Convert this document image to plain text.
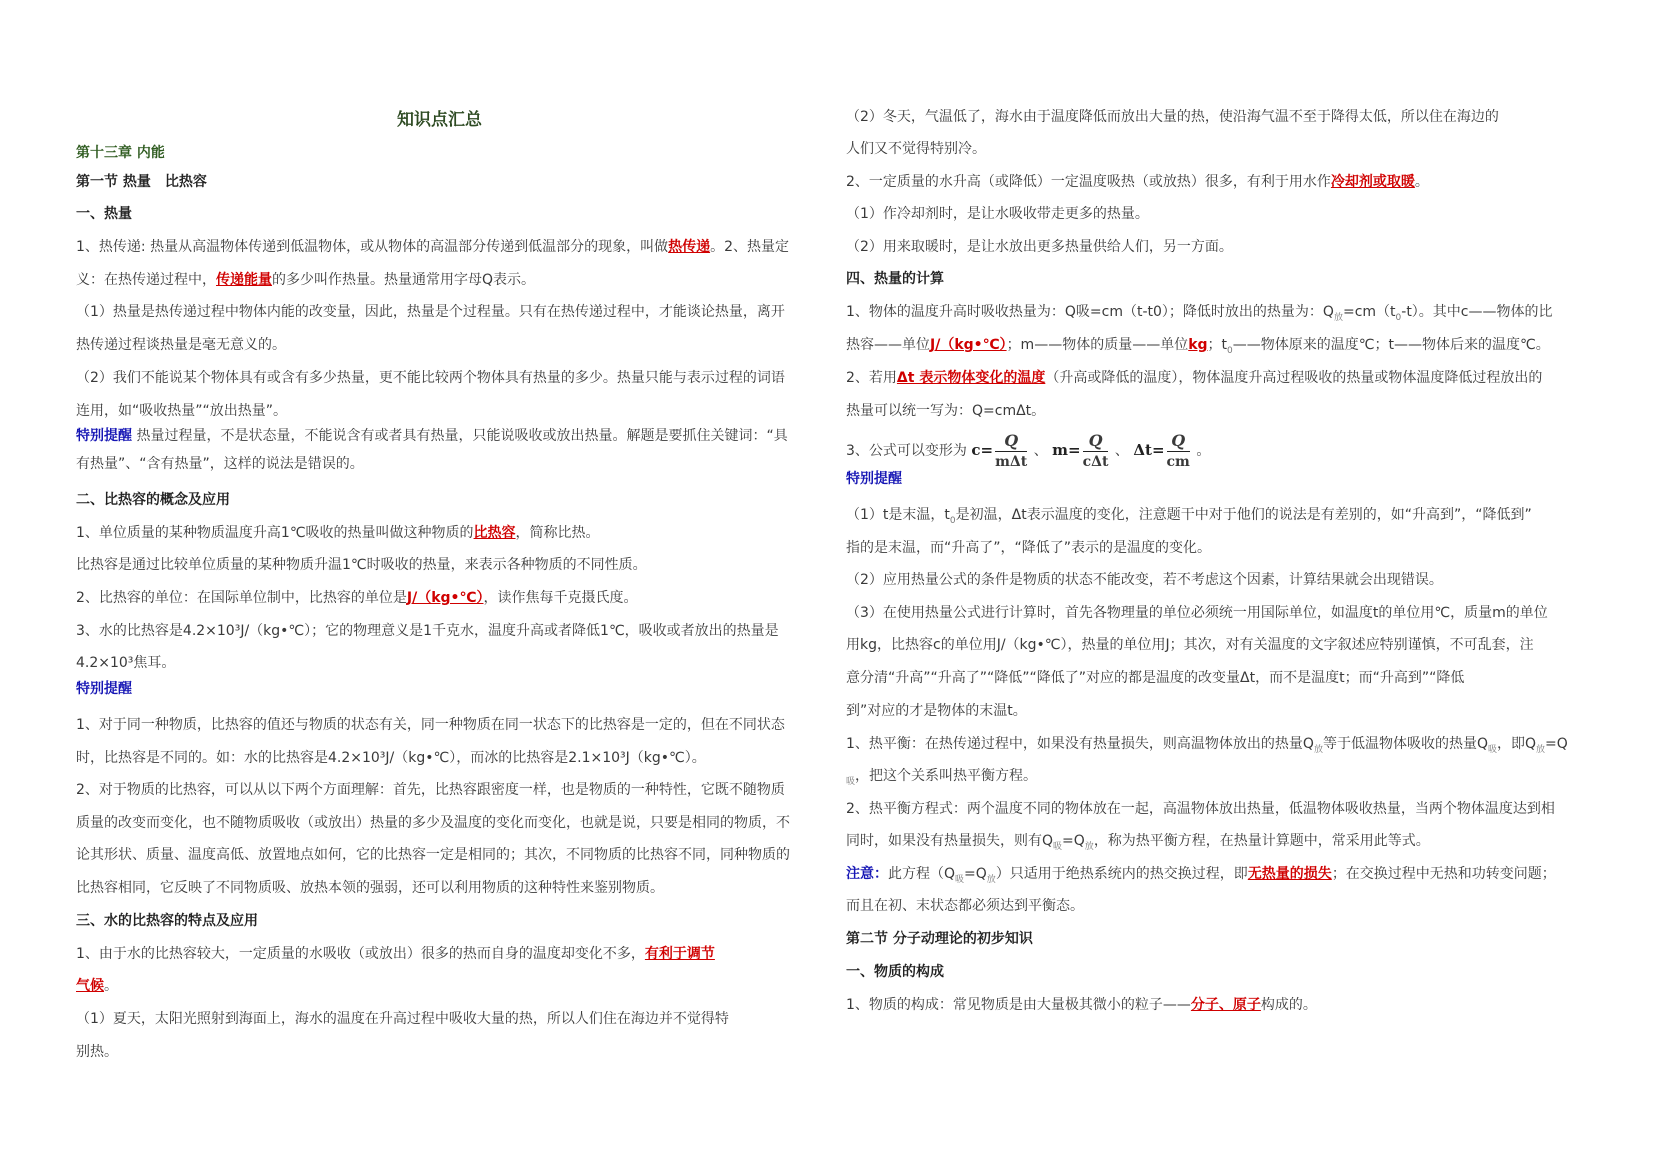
知识点汇总
第十三章 内能
第一节 热量　比热容
一、热量
1、热传递: 热量从高温物体传递到低温物体，或从物体的高温部分传递到低温部分的现象，叫做热传递。2、热量定
义：在热传递过程中，传递能量的多少叫作热量。热量通常用字母Q表示。
（1）热量是热传递过程中物体内能的改变量，因此，热量是个过程量。只有在热传递过程中，才能谈论热量，离开
热传递过程谈热量是毫无意义的。
（2）我们不能说某个物体具有或含有多少热量，更不能比较两个物体具有热量的多少。热量只能与表示过程的词语
连用，如“吸收热量”“放出热量”。
特别提醒 热量过程量，不是状态量，不能说含有或者具有热量，只能说吸收或放出热量。解题是要抓住关键词：“具
有热量”、“含有热量”，这样的说法是错误的。
二、比热容的概念及应用
1、单位质量的某种物质温度升高1℃吸收的热量叫做这种物质的比热容，简称比热。
比热容是通过比较单位质量的某种物质升温1℃时吸收的热量，来表示各种物质的不同性质。
2、比热容的单位：在国际单位制中，比热容的单位是J/（kg•℃），读作焦每千克摄氏度。
3、水的比热容是4.2×10³J/（kg•℃）；它的物理意义是1千克水，温度升高或者降低1℃，吸收或者放出的热量是
4.2×10³焦耳。
特别提醒
1、对于同一种物质，比热容的值还与物质的状态有关，同一种物质在同一状态下的比热容是一定的，但在不同状态
时，比热容是不同的。如：水的比热容是4.2×10³J/（kg•℃），而冰的比热容是2.1×10³J（kg•℃）。
2、对于物质的比热容，可以从以下两个方面理解：首先，比热容跟密度一样，也是物质的一种特性，它既不随物质
质量的改变而变化，也不随物质吸收（或放出）热量的多少及温度的变化而变化，也就是说，只要是相同的物质，不
论其形状、质量、温度高低、放置地点如何，它的比热容一定是相同的；其次，不同物质的比热容不同，同种物质的
比热容相同，它反映了不同物质吸、放热本领的强弱，还可以利用物质的这种特性来鉴别物质。
三、水的比热容的特点及应用
1、由于水的比热容较大，一定质量的水吸收（或放出）很多的热而自身的温度却变化不多，有利于调节
气候。
（1）夏天，太阳光照射到海面上，海水的温度在升高过程中吸收大量的热，所以人们住在海边并不觉得特
别热。
（2）冬天，气温低了，海水由于温度降低而放出大量的热，使沿海气温不至于降得太低，所以住在海边的
人们又不觉得特别冷。
2、一定质量的水升高（或降低）一定温度吸热（或放热）很多，有利于用水作冷却剂或取暖。
（1）作冷却剂时，是让水吸收带走更多的热量。
（2）用来取暖时，是让水放出更多热量供给人们，另一方面。
四、热量的计算
1、物体的温度升高时吸收热量为：Q吸=cm（t-t0）；降低时放出的热量为：$Q_放=cm(t_0-t)$。其中c——物体的比
热容——单位J/（kg•℃）；m——物体的质量——单位kg；$t_0——$物体原来的温度℃；t——物体后来的温度℃。
2、若用Δt 表示物体变化的温度（升高或降低的温度），物体温度升高过程吸收的热量或物体温度降低过程放出的
热量可以统一写为：Q=cmΔt。
3、公式可以变形为 $c= \frac{Q}{\text{mΔt}}$ 、 $m= \frac{Q}{\text{cΔt}}$ 、 $\Delta t= \frac{Q}{cm}$ 。
特别提醒
（1）t是末温，$t_0$是初温，Δt表示温度的变化，注意题干中对于他们的说法是有差别的，如“升高到”，“降低到”
指的是末温，而“升高了”，“降低了”表示的是温度的变化。
（2）应用热量公式的条件是物质的状态不能改变，若不考虑这个因素，计算结果就会出现错误。
（3）在使用热量公式进行计算时，首先各物理量的单位必须统一用国际单位，如温度t的单位用℃，质量m的单位
用kg，比热容c的单位用J/（kg•℃），热量的单位用J；其次，对有关温度的文字叙述应特别谨慎，不可乱套，注
意分清“升高”“升高了”“降低”“降低了”对应的都是温度的改变量Δt，而不是温度t；而“升高到”“降低
到”对应的才是物体的末温t。
1、热平衡：在热传递过程中，如果没有热量损失，则高温物体放出的热量$Q_放$等于低温物体吸收的热量$Q_吸$，即$Q_放=Q$
$_吸$，把这个关系叫热平衡方程。
2、热平衡方程式：两个温度不同的物体放在一起，高温物体放出热量，低温物体吸收热量，当两个物体温度达到相
同时，如果没有热量损失，则有$Q_吸=Q_放$，称为热平衡方程，在热量计算题中，常采用此等式。
注意：此方程$(Q_吸=Q_放)$只适用于绝热系统内的热交换过程，即无热量的损失；在交换过程中无热和功转变问题；
而且在初、末状态都必须达到平衡态。
第二节 分子动理论的初步知识
一、物质的构成
1、物质的构成：常见物质是由大量极其微小的粒子——分子、原子构成的。
